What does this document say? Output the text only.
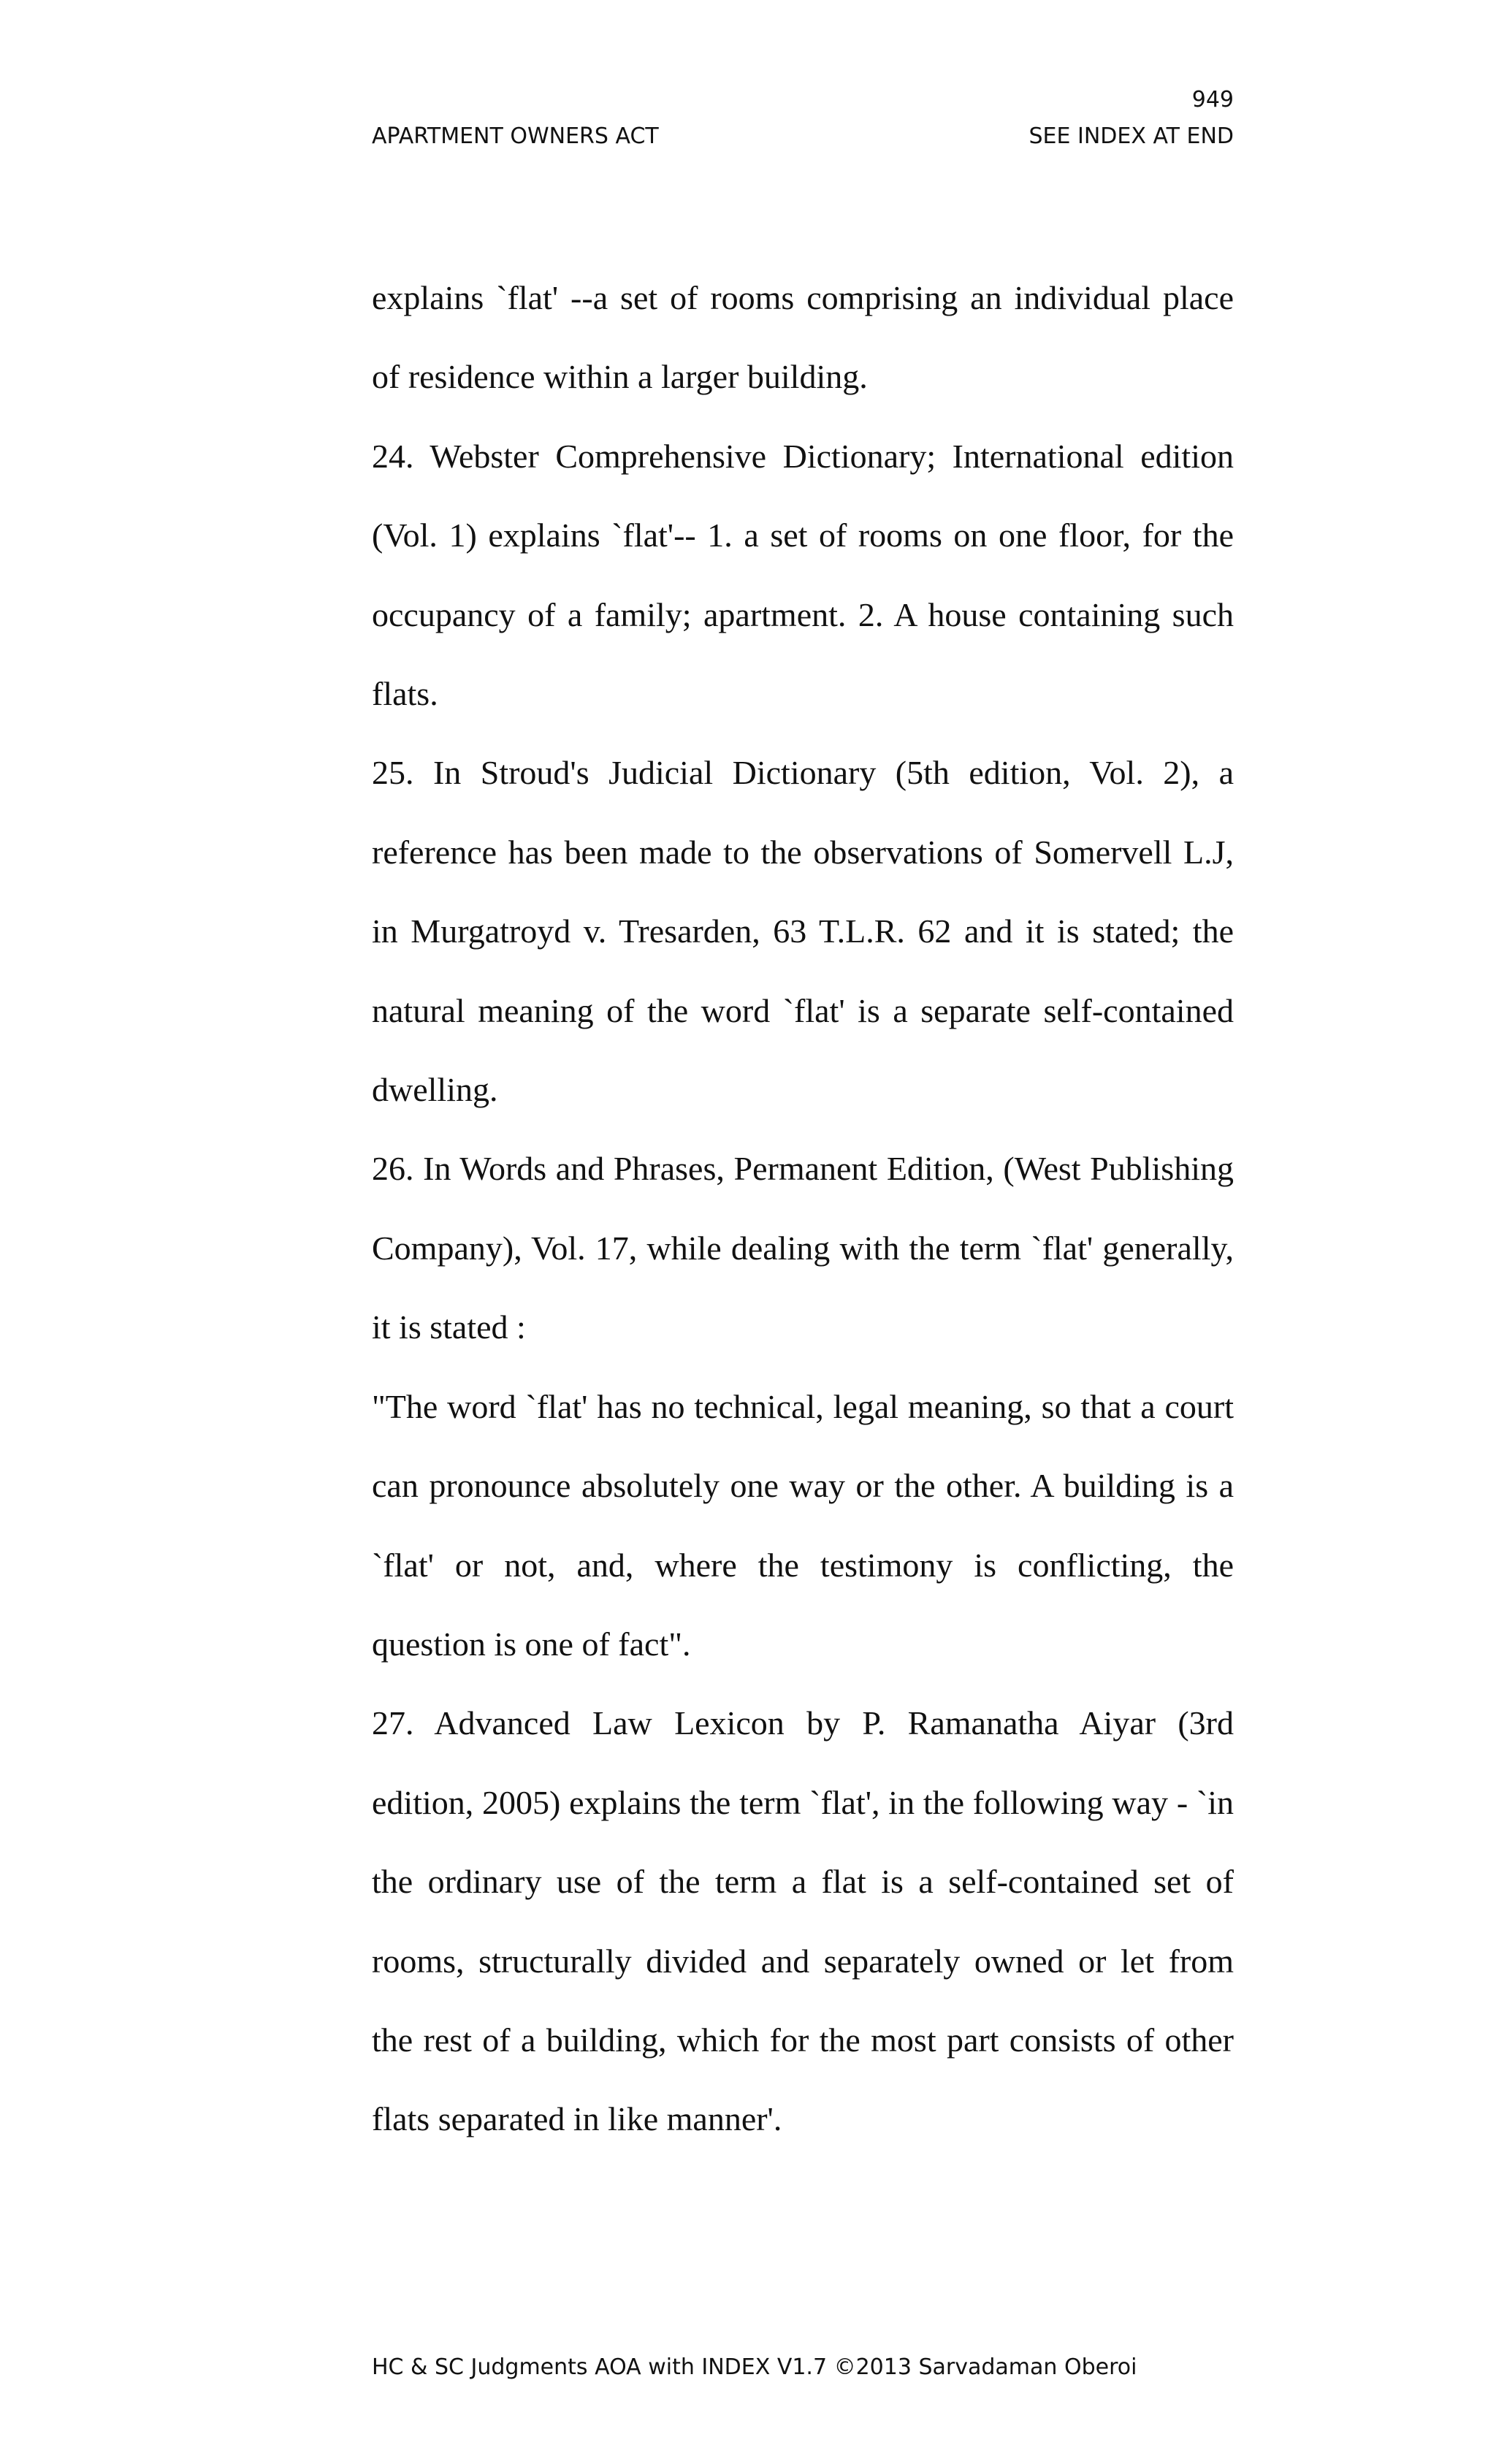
949
APARTMENT OWNERS ACT	SEE INDEX AT END

explains `flat' --a set of rooms comprising an individual place of residence within a larger building.

24. Webster Comprehensive Dictionary; International edition (Vol. 1) explains `flat'-- 1. a set of rooms on one floor, for the occupancy of a family; apartment. 2. A house containing such flats.

25. In Stroud's Judicial Dictionary (5th edition, Vol. 2), a reference has been made to the observations of Somervell L.J, in Murgatroyd v. Tresarden, 63 T.L.R. 62 and it is stated; the natural meaning of the word `flat' is a separate self-contained dwelling.

26. In Words and Phrases, Permanent Edition, (West Publishing Company), Vol. 17, while dealing with the term `flat' generally, it is stated :

"The word `flat' has no technical, legal meaning, so that a court can pronounce absolutely one way or the other. A building is a `flat' or not, and, where the testimony is conflicting, the question is one of fact".

27. Advanced Law Lexicon by P. Ramanatha Aiyar (3rd edition, 2005) explains the term `flat', in the following way - `in the ordinary use of the term a flat is a self-contained set of rooms, structurally divided and separately owned or let from the rest of a building, which for the most part consists of other flats separated in like manner'.

HC & SC Judgments AOA with INDEX V1.7 ©2013 Sarvadaman Oberoi
